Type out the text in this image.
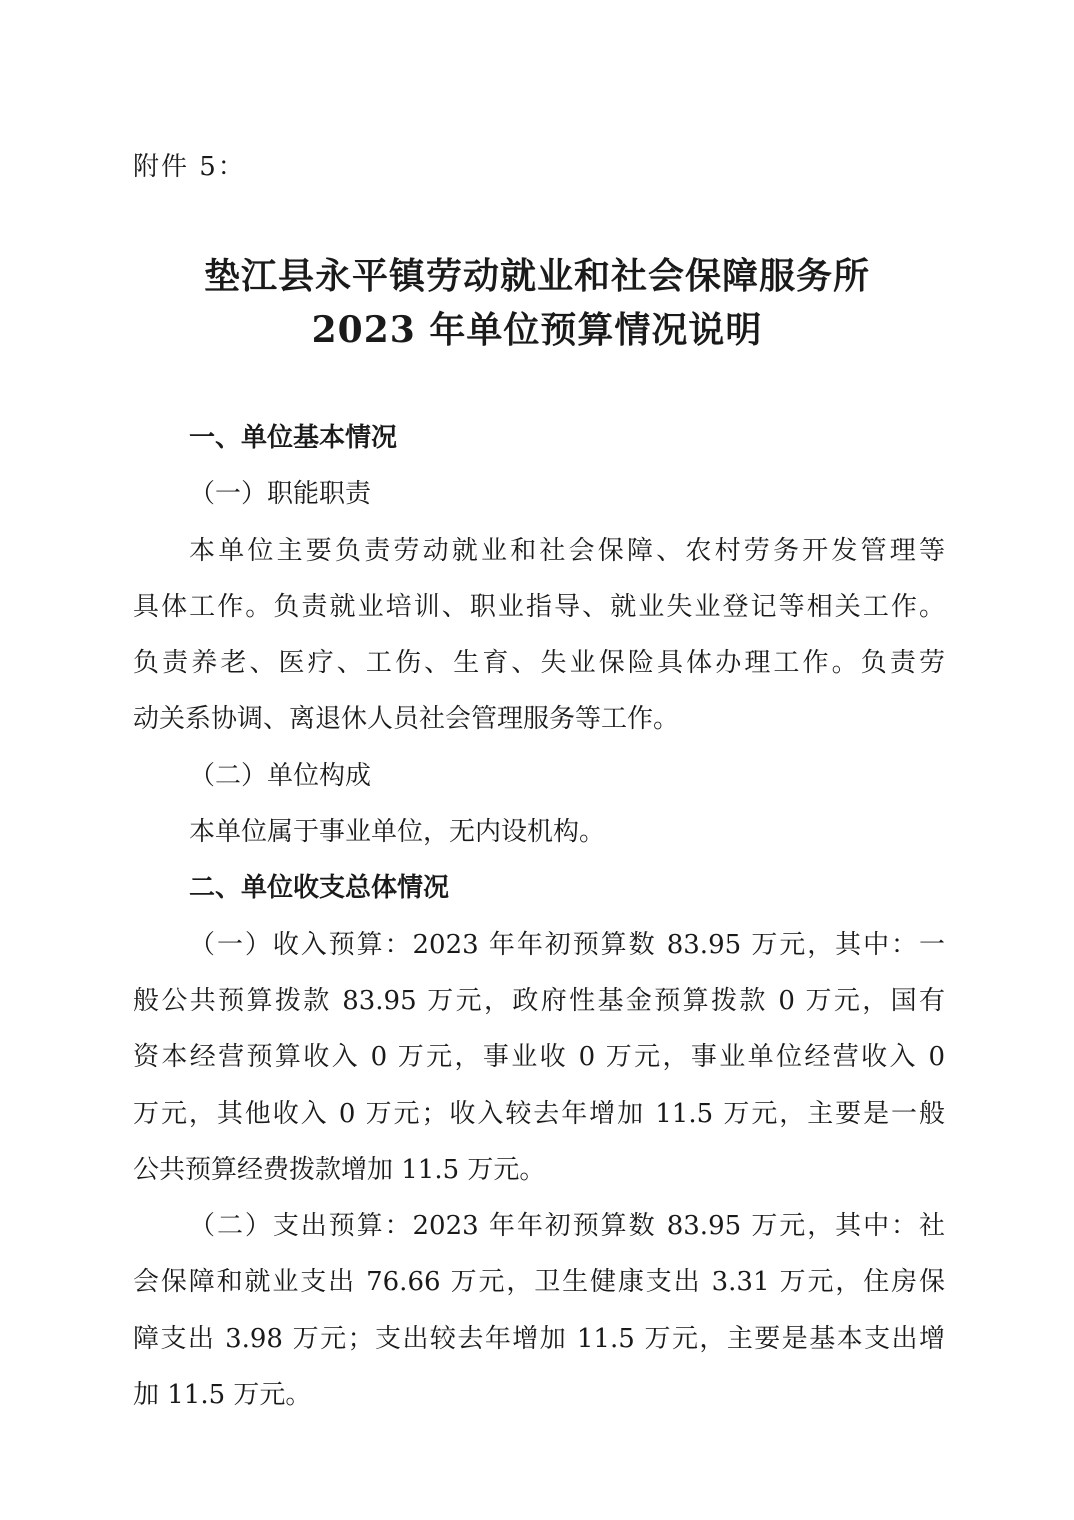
附件 5：
垫江县永平镇劳动就业和社会保障服务所
2023 年单位预算情况说明
一、单位基本情况
（一）职能职责
本单位主要负责劳动就业和社会保障、农村劳务开发管理等
具体工作。负责就业培训、职业指导、就业失业登记等相关工作。
负责养老、医疗、工伤、生育、失业保险具体办理工作。负责劳
动关系协调、离退休人员社会管理服务等工作。
（二）单位构成
本单位属于事业单位，无内设机构。
二、单位收支总体情况
（一）收入预算：2023 年年初预算数 83.95 万元，其中：一
般公共预算拨款 83.95 万元，政府性基金预算拨款 0 万元，国有
资本经营预算收入 0 万元，事业收 0 万元，事业单位经营收入 0
万元，其他收入 0 万元；收入较去年增加 11.5 万元，主要是一般
公共预算经费拨款增加 11.5 万元。
（二）支出预算：2023 年年初预算数 83.95 万元，其中：社
会保障和就业支出 76.66 万元，卫生健康支出 3.31 万元，住房保
障支出 3.98 万元；支出较去年增加 11.5 万元，主要是基本支出增
加 11.5 万元。
